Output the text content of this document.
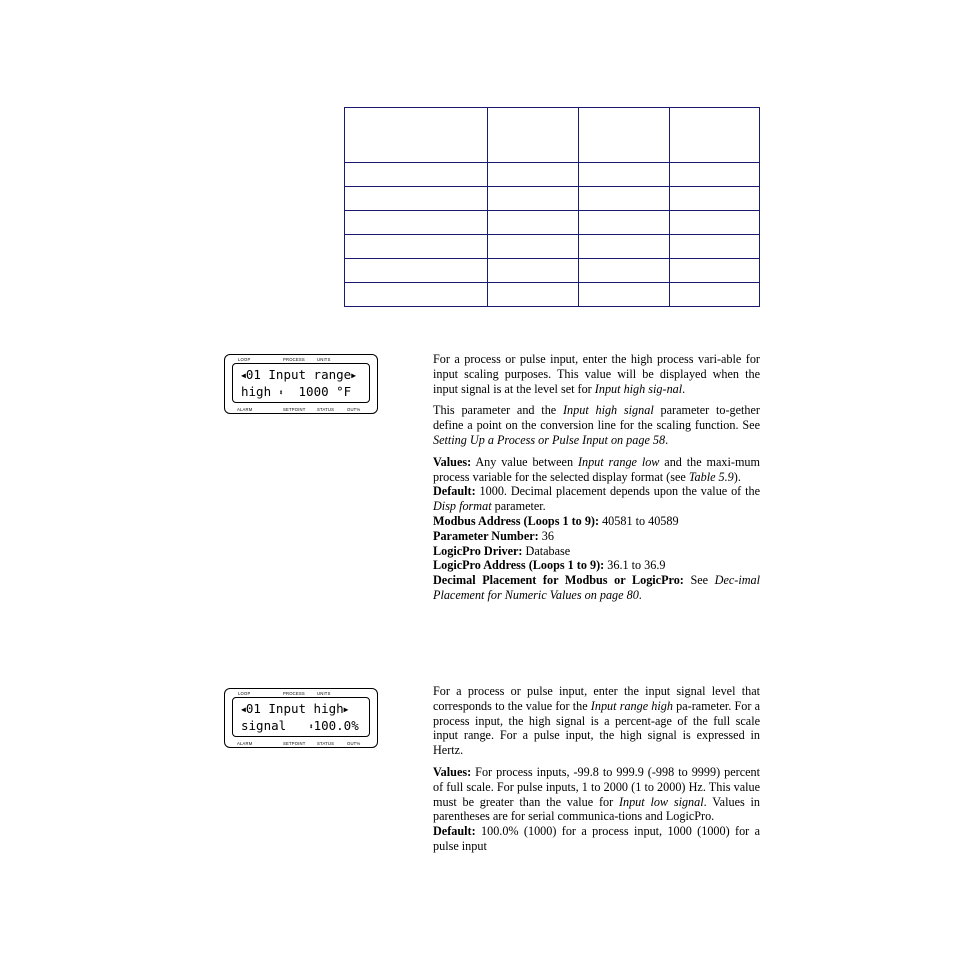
LOOP	PROCESS	UNITS
◀01 Input range▶
high ⬍  1000 °F
ALARM	SETPOINT	STATUS	OUT%

For a process or pulse input, enter the high process vari-able for input scaling purposes. This value will be displayed when the input signal is at the level set for Input high sig-nal.

This parameter and the Input high signal parameter to-gether define a point on the conversion line for the scaling function. See Setting Up a Process or Pulse Input on page 58.

Values: Any value between Input range low and the maxi-mum process variable for the selected display format (see Table 5.9).

Default: 1000. Decimal placement depends upon the value of the Disp format parameter.

Modbus Address (Loops 1 to 9): 40581 to 40589

Parameter Number: 36

LogicPro Driver: Database

LogicPro Address (Loops 1 to 9): 36.1 to 36.9

Decimal Placement for Modbus or LogicPro: See Dec-imal Placement for Numeric Values on page 80.

LOOP	PROCESS	UNITS
◀01 Input high▶
signal   ⬍100.0%
ALARM	SETPOINT	STATUS	OUT%

For a process or pulse input, enter the input signal level that corresponds to the value for the Input range high pa-rameter. For a process input, the high signal is a percent-age of the full scale input range. For a pulse input, the high signal is expressed in Hertz.

Values: For process inputs, -99.8 to 999.9 (-998 to 9999) percent of full scale. For pulse inputs, 1 to 2000 (1 to 2000) Hz. This value must be greater than the value for Input low signal. Values in parentheses are for serial communica-tions and LogicPro.

Default: 100.0% (1000) for a process input, 1000 (1000) for a pulse input
